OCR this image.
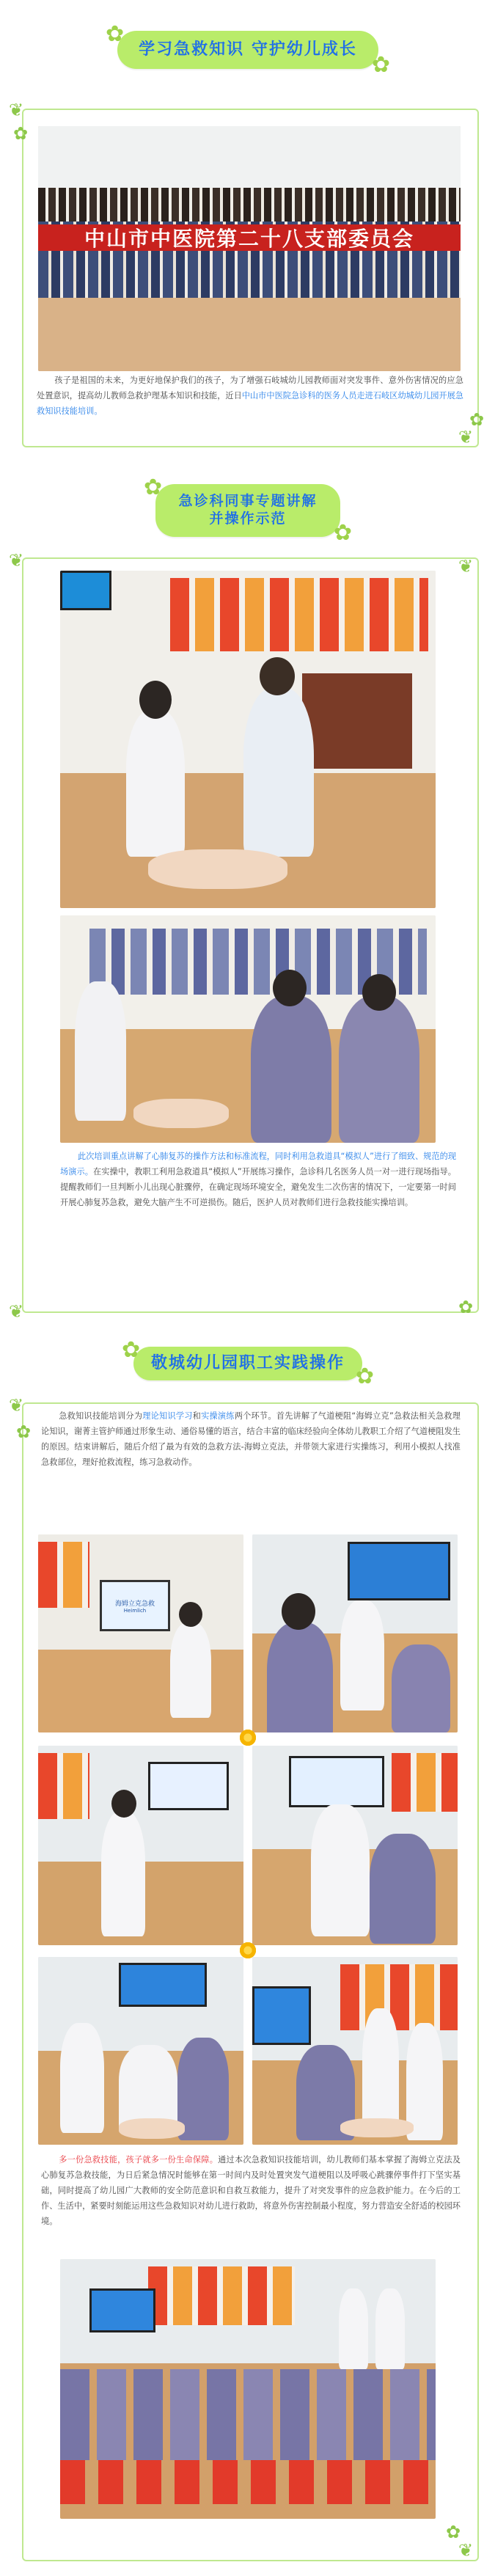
✿
学习急救知识 守护幼儿成长
✿
❦
✿
❦
✿
中山市中医院第二十八支部委员会

孩子是祖国的未来，为更好地保护我们的孩子，为了增强石岐城幼儿园教师面对突发事件、意外伤害情况的应急处置意识，提高幼儿教师急救护理基本知识和技能，近日中山市中医院急诊科的医务人员走进石岐区幼城幼儿园开展急救知识技能培训。

✿
急诊科同事专题讲解
并操作示范
✿
❦	❦
❦	✿

此次培训重点讲解了心肺复苏的操作方法和标准流程，同时利用急救道具“模拟人”进行了细致、规范的现场演示。在实操中，教职工利用急救道具“模拟人”开展练习操作，急诊科几名医务人员一对一进行现场指导。提醒教师们一旦判断小儿出现心脏骤停，在确定现场环境安全，避免发生二次伤害的情况下，一定要第一时间开展心肺复苏急救，避免大脑产生不可逆损伤。随后，医护人员对教师们进行急救技能实操培训。

✿
敬城幼儿园职工实践操作
✿
❦
✿
❦
✿

急救知识技能培训分为理论知识学习和实操演练两个环节。首先讲解了气道梗阻“海姆立克”急救法相关急救理论知识，谢菁主管护师通过形象生动、通俗易懂的语言，结合丰富的临床经验向全体幼儿教职工介绍了气道梗阻发生的原因。结束讲解后，随后介绍了最为有效的急救方法-海姆立克法，并带领大家进行实操练习，利用小模拟人找准急救部位，理好抢救流程，练习急救动作。

海姆立克急救
Heimlich

多一份急救技能，孩子就多一份生命保障。通过本次急救知识技能培训，幼儿教师们基本掌握了海姆立克法及心肺复苏急救技能，为日后紧急情况时能够在第一时间内及时处置突发气道梗阻以及呼吸心跳骤停事件打下坚实基础，同时提高了幼儿园广大教师的安全防范意识和自救互救能力，提升了对突发事件的应急救护能力。在今后的工作、生活中，紧要时刻能运用这些急救知识对幼儿进行救助，将意外伤害控制最小程度，努力营造安全舒适的校园环境。
